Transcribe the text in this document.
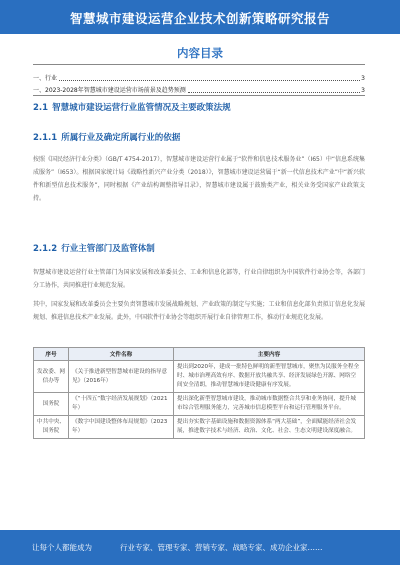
智慧城市建设运营企业技术创新策略研究报告
内容目录
一、行业	3
一、2023-2028年智慧城市建设运营市场前景及趋势预测	3
2.1 智慧城市建设运营行业监管情况及主要政策法规
2.1.1 所属行业及确定所属行业的依据

按照《国民经济行业分类》（GB/T 4754-2017），智慧城市建设运营行业属于“软件和信息技术服务业”（I65）中“信息系统集成服务”（I653）。根据国家统计局《战略性新兴产业分类（2018）》，智慧城市建设运营属于“新一代信息技术产业”中“新兴软件和新型信息技术服务”，同时根据《产业结构调整指导目录》，智慧城市建设属于鼓励类产业，相关业务受国家产业政策支持。

2.1.2 行业主管部门及监管体制

智慧城市建设运营行业主管部门为国家发展和改革委员会、工业和信息化部等，行业自律组织为中国软件行业协会等，各部门分工协作，共同推进行业规范发展。

其中，国家发展和改革委员会主要负责智慧城市发展战略规划、产业政策的制定与实施；工业和信息化部负责拟订信息化发展规划、推进信息技术产业发展。此外，中国软件行业协会等组织开展行业自律管理工作，推动行业规范化发展。

序号	文件名称	主要内容
发改委、网信办等	《关于推进新型智慧城市建设的指导意见》（2016年）	提出到2020年，建成一批特色鲜明的新型智慧城市，聚焦为民服务全程全时、城市治理高效有序、数据开放共融共享、经济发展绿色开源、网络空间安全清朗，推动智慧城市建设健康有序发展。
国务院	《“十四五”数字经济发展规划》（2021年）	提出深化新型智慧城市建设，推动城市数据整合共享和业务协同，提升城市综合管理服务能力，完善城市信息模型平台和运行管理服务平台。
中共中央、国务院	《数字中国建设整体布局规划》（2023年）	提出夯实数字基础设施和数据资源体系“两大基础”，全面赋能经济社会发展，推进数字技术与经济、政治、文化、社会、生态文明建设深度融合。
让每个人都能成为	行业专家、管理专家、营销专家、战略专家、成功企业家……
